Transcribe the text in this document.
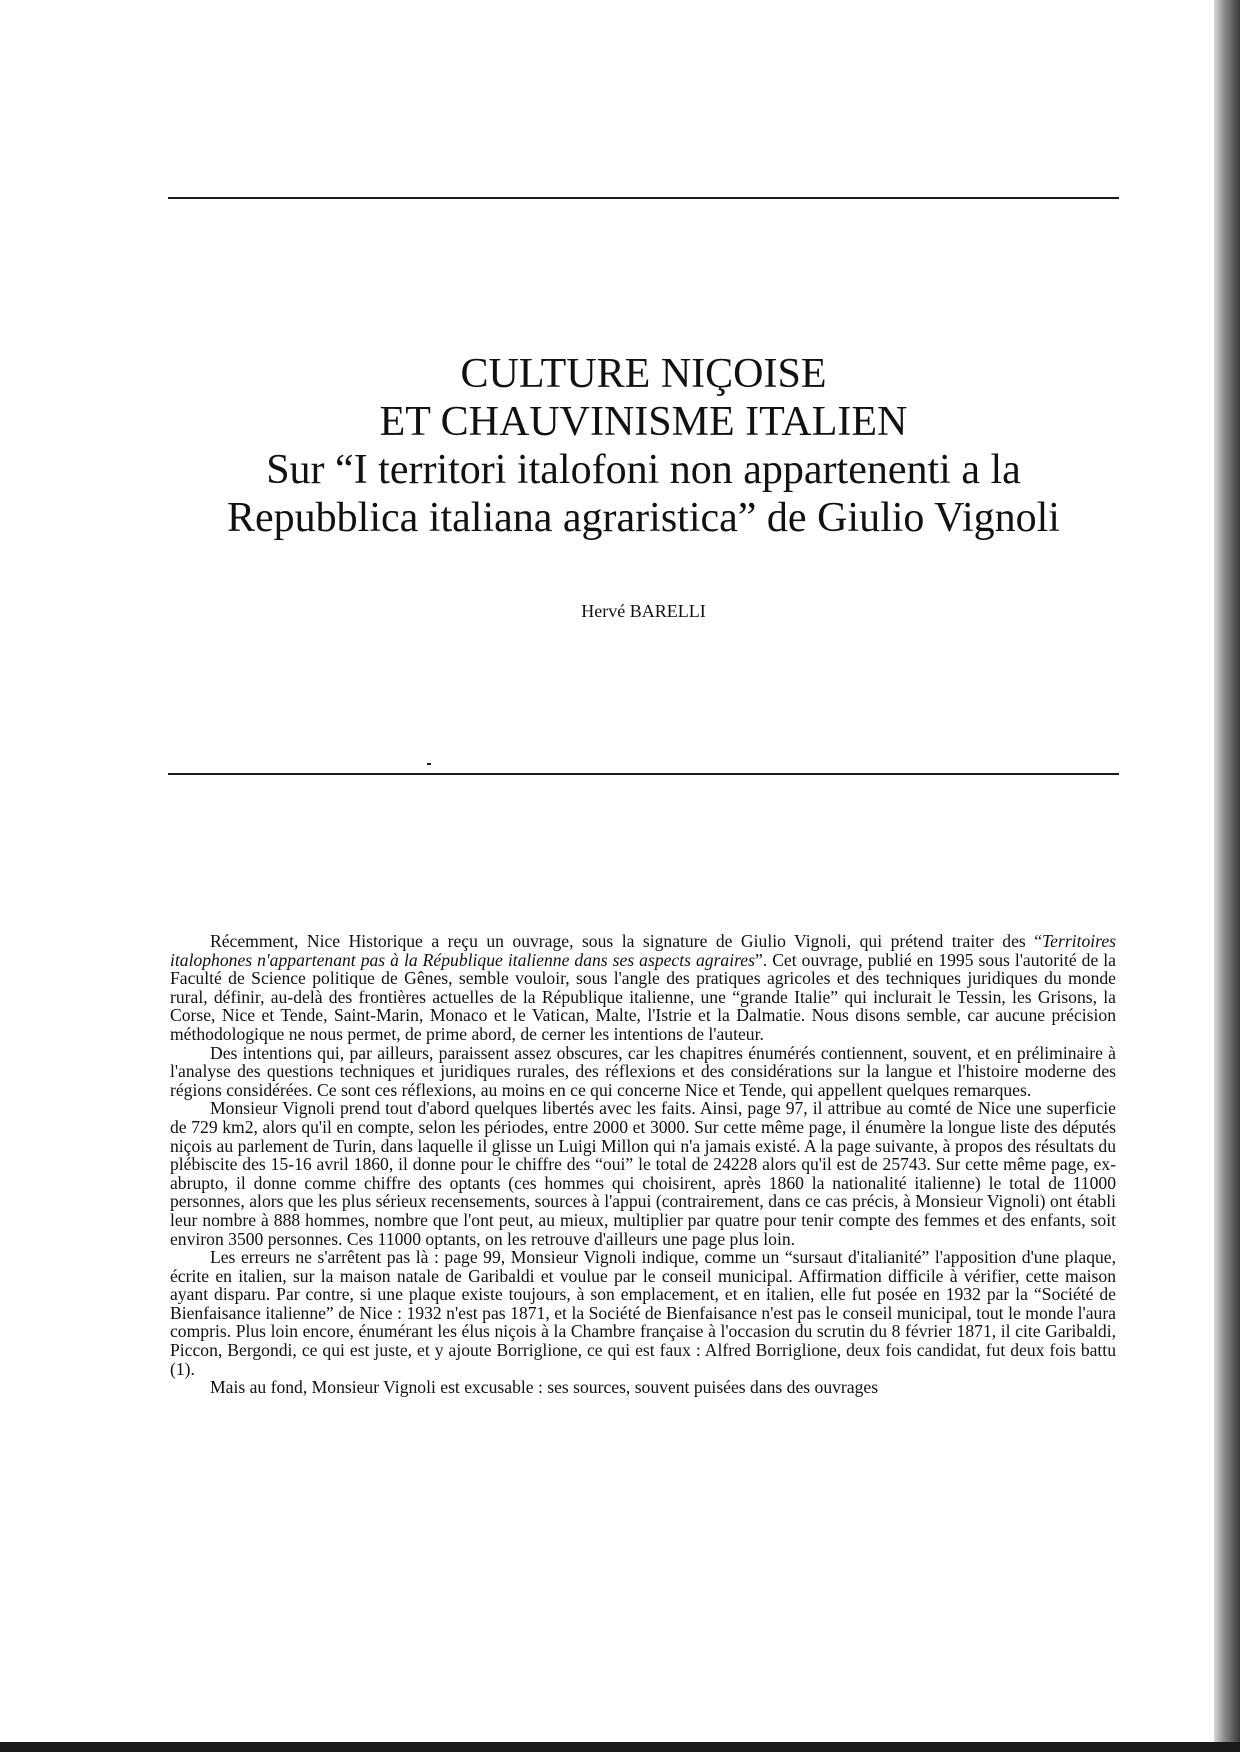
CULTURE NIÇOISE
ET CHAUVINISME ITALIEN
Sur “I territori italofoni non appartenenti a la
Repubblica italiana agraristica” de Giulio Vignoli
Hervé BARELLI

Récemment, Nice Historique a reçu un ouvrage, sous la signature de Giulio Vignoli, qui prétend traiter des “Territoires italophones n'appartenant pas à la République italienne dans ses aspects agraires”. Cet ouvrage, publié en 1995 sous l'autorité de la Faculté de Science politique de Gênes, semble vouloir, sous l'angle des pratiques agricoles et des techniques juridiques du monde rural, définir, au-delà des frontières actuelles de la République italienne, une “grande Italie” qui inclurait le Tessin, les Grisons, la Corse, Nice et Tende, Saint-Marin, Monaco et le Vatican, Malte, l'Istrie et la Dalmatie. Nous disons semble, car aucune précision méthodologique ne nous permet, de prime abord, de cerner les intentions de l'auteur.

Des intentions qui, par ailleurs, paraissent assez obscures, car les chapitres énumérés contiennent, souvent, et en préliminaire à l'analyse des questions techniques et juridiques rurales, des réflexions et des considérations sur la langue et l'histoire moderne des régions considérées. Ce sont ces réflexions, au moins en ce qui concerne Nice et Tende, qui appellent quelques remarques.

Monsieur Vignoli prend tout d'abord quelques libertés avec les faits. Ainsi, page 97, il attribue au comté de Nice une superficie de 729 km2, alors qu'il en compte, selon les périodes, entre 2000 et 3000. Sur cette même page, il énumère la longue liste des députés niçois au parlement de Turin, dans laquelle il glisse un Luigi Millon qui n'a jamais existé. A la page suivante, à propos des résultats du plébiscite des 15-16 avril 1860, il donne pour le chiffre des “oui” le total de 24228 alors qu'il est de 25743. Sur cette même page, ex-abrupto, il donne comme chiffre des optants (ces hommes qui choisirent, après 1860 la nationalité italienne) le total de 11000 personnes, alors que les plus sérieux recensements, sources à l'appui (contrairement, dans ce cas précis, à Monsieur Vignoli) ont établi leur nombre à 888 hommes, nombre que l'ont peut, au mieux, multiplier par quatre pour tenir compte des femmes et des enfants, soit environ 3500 personnes. Ces 11000 optants, on les retrouve d'ailleurs une page plus loin.

Les erreurs ne s'arrêtent pas là : page 99, Monsieur Vignoli indique, comme un “sursaut d'italianité” l'apposition d'une plaque, écrite en italien, sur la maison natale de Garibaldi et voulue par le conseil municipal. Affirmation difficile à vérifier, cette maison ayant disparu. Par contre, si une plaque existe toujours, à son emplacement, et en italien, elle fut posée en 1932 par la “Société de Bienfaisance italienne” de Nice : 1932 n'est pas 1871, et la Société de Bienfaisance n'est pas le conseil municipal, tout le monde l'aura compris. Plus loin encore, énumérant les élus niçois à la Chambre française à l'occasion du scrutin du 8 février 1871, il cite Garibaldi, Piccon, Bergondi, ce qui est juste, et y ajoute Borriglione, ce qui est faux : Alfred Borriglione, deux fois candidat, fut deux fois battu (1).

Mais au fond, Monsieur Vignoli est excusable : ses sources, souvent puisées dans des ouvrages
